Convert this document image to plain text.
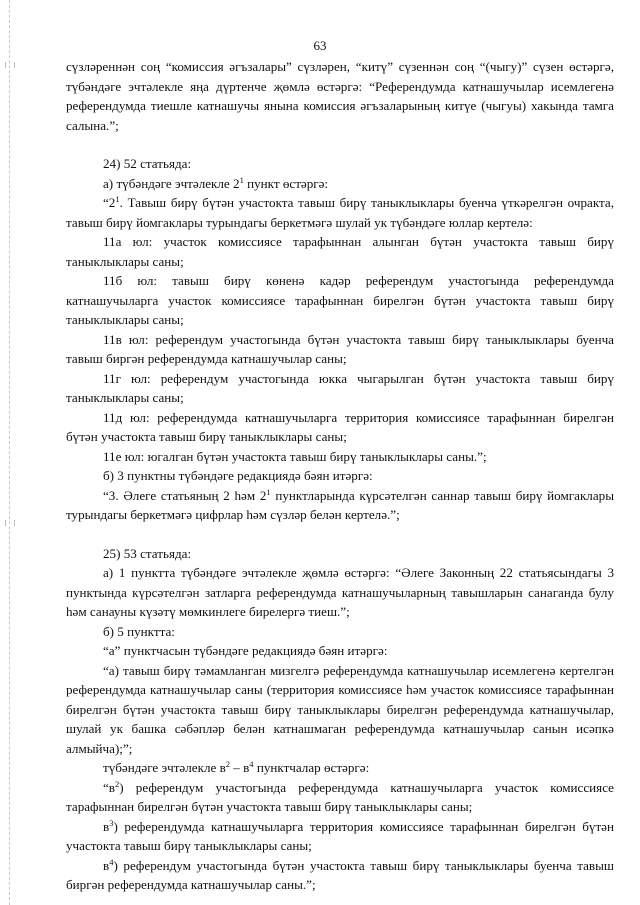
63

сүзләреннән соң “комиссия әгъзалары” сүзләрен, “китү” сүзеннән соң “(чыгу)” сүзен өстәргә, түбәндәге эчтәлекле яңа дүртенче җөмлә өстәргә: “Референдумда катнашучылар исемлегенә референдумда тиешле катнашучы янына комиссия әгъзаларының китүе (чыгуы) хакында тамга салына.”;

24) 52 статьяда:

а) түбәндәге эчтәлекле $2^1$ пункт өстәргә:

“$2^1$. Тавыш бирү бүтән участокта тавыш бирү таныклыклары буенча үткәрелгән очракта, тавыш бирү йомгаклары турындагы беркетмәгә шулай ук түбәндәге юллар кертелә:

11а юл: участок комиссиясе тарафыннан алынган бүтән участокта тавыш бирү таныклыклары саны;

11б юл: тавыш бирү көненә кадәр референдум участогында референдумда катнашучыларга участок комиссиясе тарафыннан бирелгән бүтән участокта тавыш бирү таныклыклары саны;

11в юл: референдум участогында бүтән участокта тавыш бирү таныклыклары буенча тавыш биргән референдумда катнашучылар саны;

11г юл: референдум участогында юкка чыгарылган бүтән участокта тавыш бирү таныклыклары саны;

11д юл: референдумда катнашучыларга территория комиссиясе тарафыннан бирелгән бүтән участокта тавыш бирү таныклыклары саны;

11е юл: югалган бүтән участокта тавыш бирү таныклыклары саны.”;

б) 3 пунктны түбәндәге редакциядә бәян итәргә:

“3. Әлеге статьяның 2 һәм $2^1$ пунктларында күрсәтелгән саннар тавыш бирү йомгаклары турындагы беркетмәгә цифрлар һәм сүзләр белән кертелә.”;

25) 53 статьяда:

а) 1 пунктта түбәндәге эчтәлекле җөмлә өстәргә: “Әлеге Законның 22 статьясындагы 3 пунктында күрсәтелгән затларга референдумда катнашучыларның тавышларын санаганда булу һәм санауны күзәтү мөмкинлеге бирелергә тиеш.”;

б) 5 пунктта:

“а” пунктчасын түбәндәге редакциядә бәян итәргә:

“а) тавыш бирү тәмамланган мизгелгә референдумда катнашучылар исемлегенә кертелгән референдумда катнашучылар саны (территория комиссиясе һәм участок комиссиясе тарафыннан бирелгән бүтән участокта тавыш бирү таныклыклары бирелгән референдумда катнашучылар, шулай ук башка сәбәпләр белән катнашмаган референдумда катнашучылар санын исәпкә алмыйча);”;

түбәндәге эчтәлекле $в^2 - в^4$ пунктчалар өстәргә:

“$в^2$) референдум участогында референдумда катнашучыларга участок комиссиясе тарафыннан бирелгән бүтән участокта тавыш бирү таныклыклары саны;

$в^3$) референдумда катнашучыларга территория комиссиясе тарафыннан бирелгән бүтән участокта тавыш бирү таныклыклары саны;

$в^4$) референдум участогында бүтән участокта тавыш бирү таныклыклары буенча тавыш биргән референдумда катнашучылар саны.”;
